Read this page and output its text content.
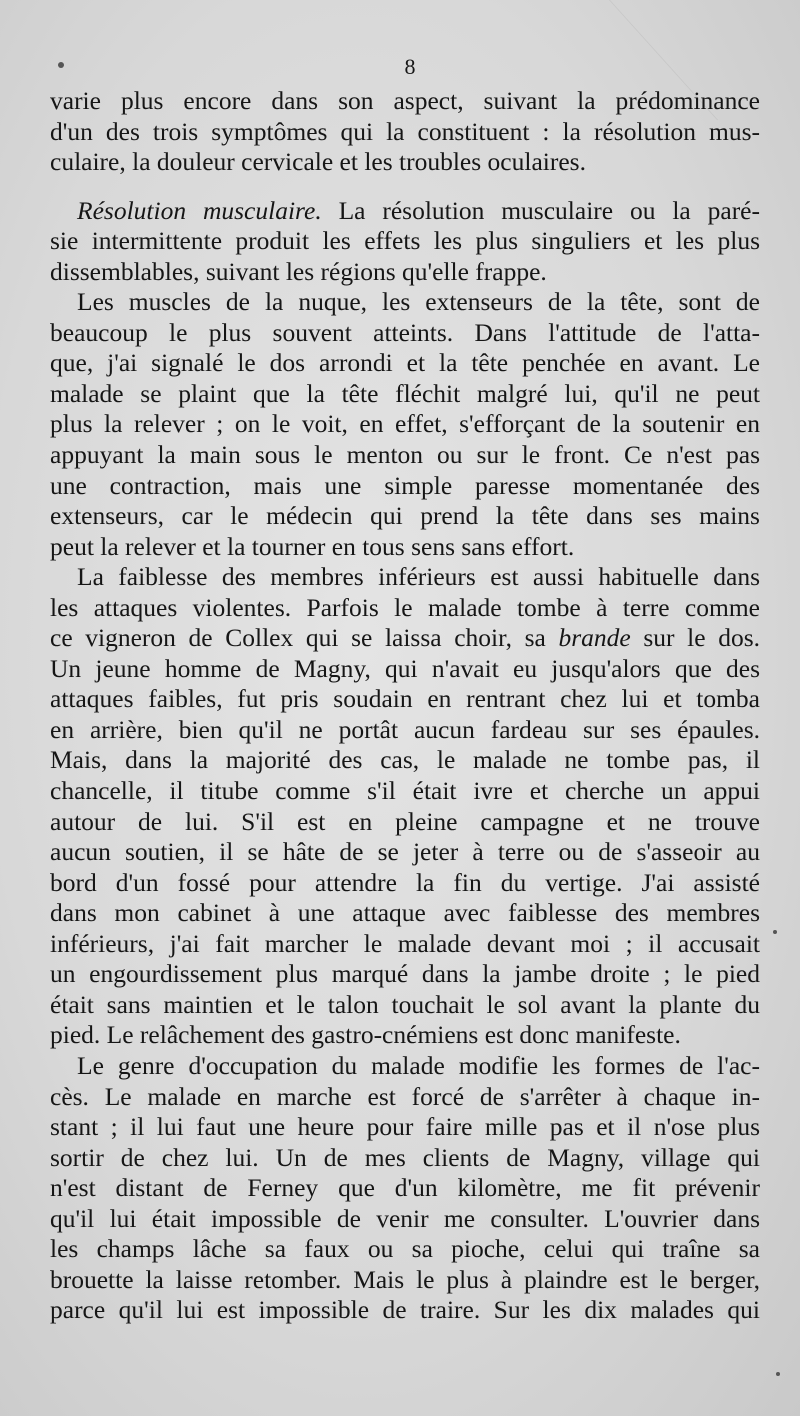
8
varie plus encore dans son aspect, suivant la prédominance
d'un des trois symptômes qui la constituent : la résolution mus-
culaire, la douleur cervicale et les troubles oculaires.
Résolution musculaire. La résolution musculaire ou la paré-
sie intermittente produit les effets les plus singuliers et les plus
dissemblables, suivant les régions qu'elle frappe.
Les muscles de la nuque, les extenseurs de la tête, sont de
beaucoup le plus souvent atteints. Dans l'attitude de l'atta-
que, j'ai signalé le dos arrondi et la tête penchée en avant. Le
malade se plaint que la tête fléchit malgré lui, qu'il ne peut
plus la relever ; on le voit, en effet, s'efforçant de la soutenir en
appuyant la main sous le menton ou sur le front. Ce n'est pas
une contraction, mais une simple paresse momentanée des
extenseurs, car le médecin qui prend la tête dans ses mains
peut la relever et la tourner en tous sens sans effort.
La faiblesse des membres inférieurs est aussi habituelle dans
les attaques violentes. Parfois le malade tombe à terre comme
ce vigneron de Collex qui se laissa choir, sa brande sur le dos.
Un jeune homme de Magny, qui n'avait eu jusqu'alors que des
attaques faibles, fut pris soudain en rentrant chez lui et tomba
en arrière, bien qu'il ne portât aucun fardeau sur ses épaules.
Mais, dans la majorité des cas, le malade ne tombe pas, il
chancelle, il titube comme s'il était ivre et cherche un appui
autour de lui. S'il est en pleine campagne et ne trouve
aucun soutien, il se hâte de se jeter à terre ou de s'asseoir au
bord d'un fossé pour attendre la fin du vertige. J'ai assisté
dans mon cabinet à une attaque avec faiblesse des membres
inférieurs, j'ai fait marcher le malade devant moi ; il accusait
un engourdissement plus marqué dans la jambe droite ; le pied
était sans maintien et le talon touchait le sol avant la plante du
pied. Le relâchement des gastro-cnémiens est donc manifeste.
Le genre d'occupation du malade modifie les formes de l'ac-
cès. Le malade en marche est forcé de s'arrêter à chaque in-
stant ; il lui faut une heure pour faire mille pas et il n'ose plus
sortir de chez lui. Un de mes clients de Magny, village qui
n'est distant de Ferney que d'un kilomètre, me fit prévenir
qu'il lui était impossible de venir me consulter. L'ouvrier dans
les champs lâche sa faux ou sa pioche, celui qui traîne sa
brouette la laisse retomber. Mais le plus à plaindre est le berger,
parce qu'il lui est impossible de traire. Sur les dix malades qui
